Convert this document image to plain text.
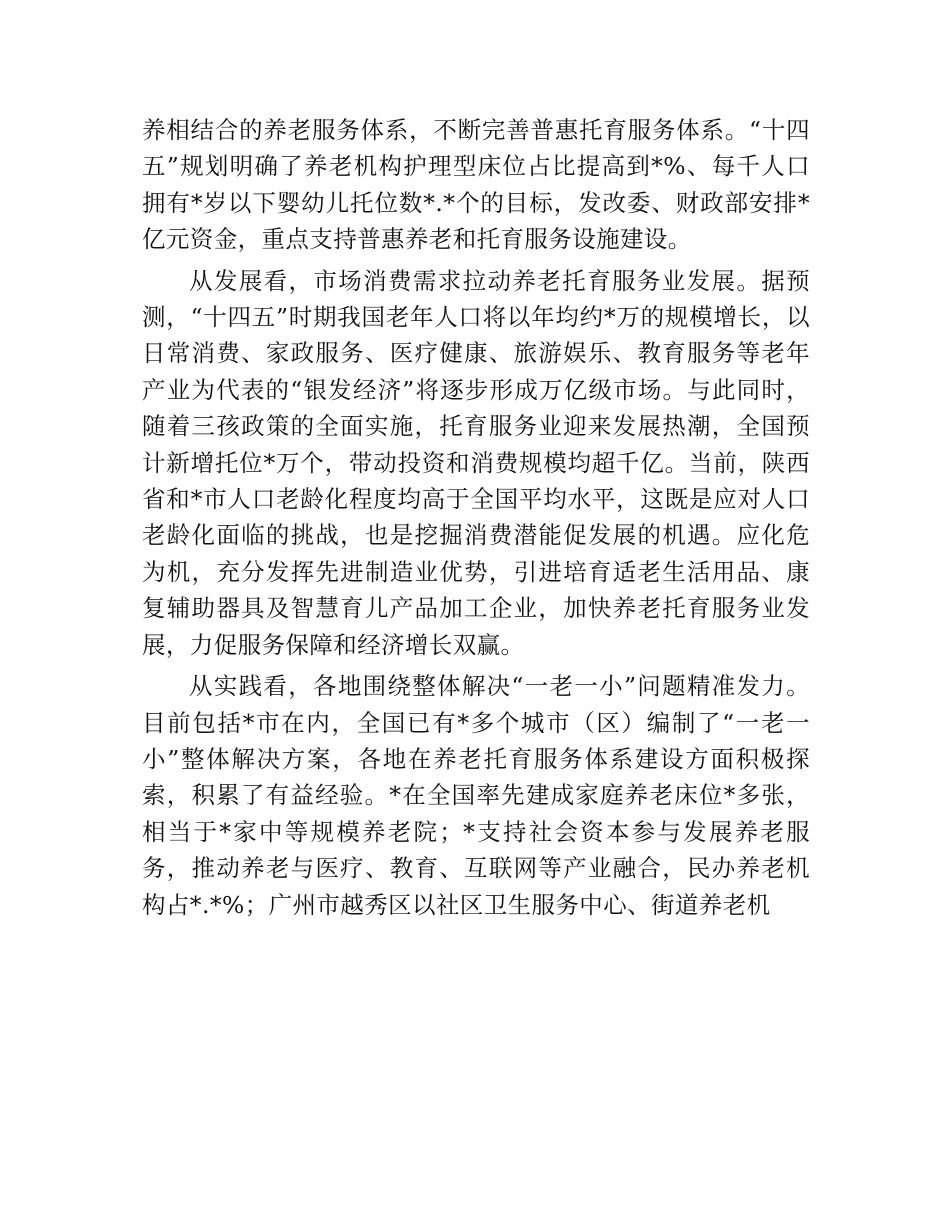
养相结合的养老服务体系，不断完善普惠托育服务体系。“十四五”规划明确了养老机构护理型床位占比提高到*%、每千人口拥有*岁以下婴幼儿托位数*.*个的目标，发改委、财政部安排*亿元资金，重点支持普惠养老和托育服务设施建设。

从发展看，市场消费需求拉动养老托育服务业发展。据预测，“十四五”时期我国老年人口将以年均约*万的规模增长，以日常消费、家政服务、医疗健康、旅游娱乐、教育服务等老年产业为代表的“银发经济”将逐步形成万亿级市场。与此同时，随着三孩政策的全面实施，托育服务业迎来发展热潮，全国预计新增托位*万个，带动投资和消费规模均超千亿。当前，陕西省和*市人口老龄化程度均高于全国平均水平，这既是应对人口老龄化面临的挑战，也是挖掘消费潜能促发展的机遇。应化危为机，充分发挥先进制造业优势，引进培育适老生活用品、康复辅助器具及智慧育儿产品加工企业，加快养老托育服务业发展，力促服务保障和经济增长双赢。

从实践看，各地围绕整体解决“一老一小”问题精准发力。目前包括*市在内，全国已有*多个城市（区）编制了“一老一小”整体解决方案，各地在养老托育服务体系建设方面积极探索，积累了有益经验。*在全国率先建成家庭养老床位*多张，相当于*家中等规模养老院；*支持社会资本参与发展养老服务，推动养老与医疗、教育、互联网等产业融合，民办养老机构占*.*%；广州市越秀区以社区卫生服务中心、街道养老机
